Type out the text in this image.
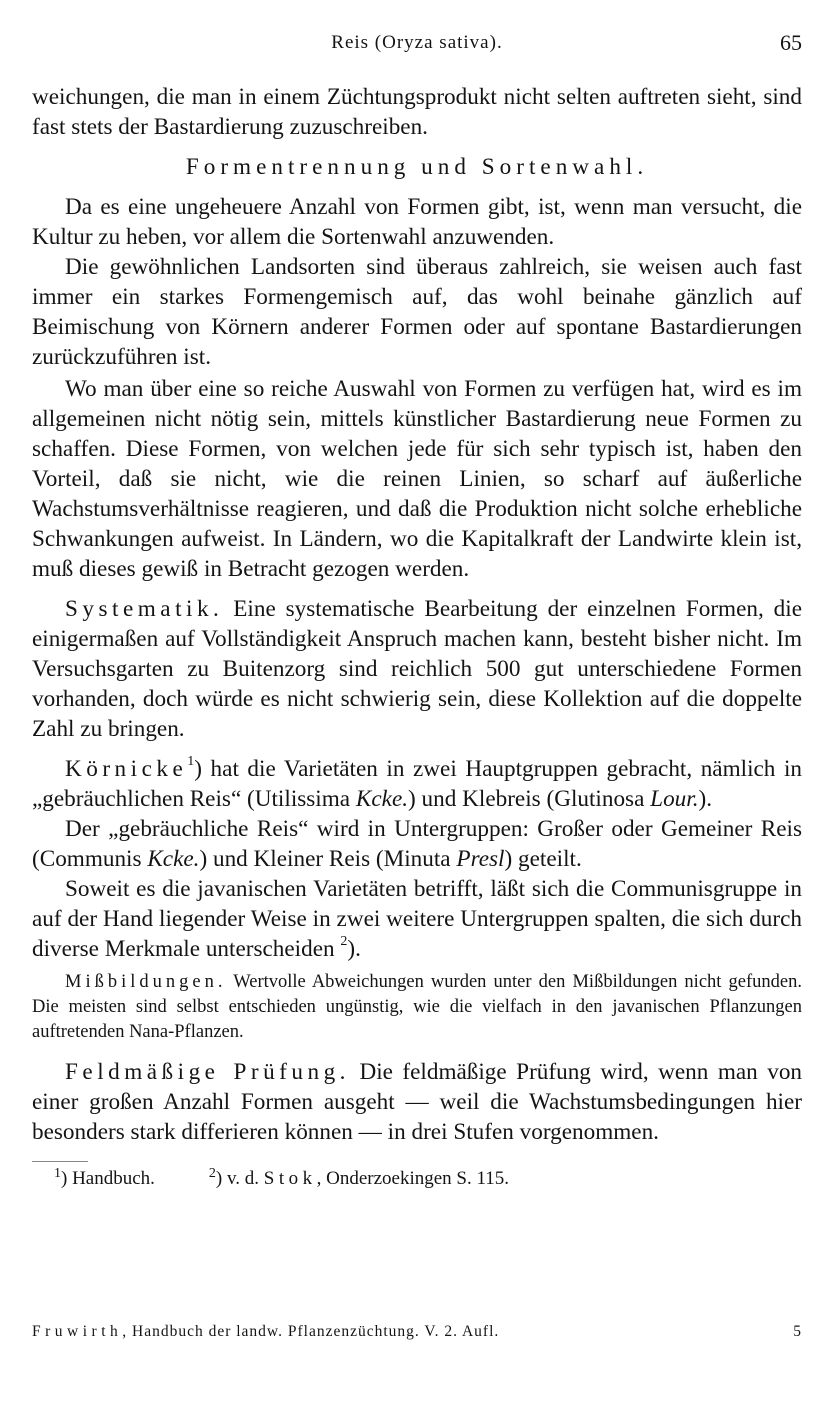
Reis (Oryza sativa).	65

weichungen, die man in einem Züchtungsprodukt nicht selten auftreten sieht, sind fast stets der Bastardierung zuzuschreiben.

Formentrennung und Sortenwahl.

Da es eine ungeheuere Anzahl von Formen gibt, ist, wenn man versucht, die Kultur zu heben, vor allem die Sortenwahl anzuwenden.

Die gewöhnlichen Landsorten sind überaus zahlreich, sie weisen auch fast immer ein starkes Formengemisch auf, das wohl beinahe gänzlich auf Beimischung von Körnern anderer Formen oder auf spontane Bastardierungen zurückzuführen ist.

Wo man über eine so reiche Auswahl von Formen zu verfügen hat, wird es im allgemeinen nicht nötig sein, mittels künstlicher Bastardierung neue Formen zu schaffen. Diese Formen, von welchen jede für sich sehr typisch ist, haben den Vorteil, daß sie nicht, wie die reinen Linien, so scharf auf äußerliche Wachstumsverhältnisse reagieren, und daß die Produktion nicht solche erhebliche Schwankungen aufweist. In Ländern, wo die Kapitalkraft der Landwirte klein ist, muß dieses gewiß in Betracht gezogen werden.

Systematik. Eine systematische Bearbeitung der einzelnen Formen, die einigermaßen auf Vollständigkeit Anspruch machen kann, besteht bisher nicht. Im Versuchsgarten zu Buitenzorg sind reichlich 500 gut unterschiedene Formen vorhanden, doch würde es nicht schwierig sein, diese Kollektion auf die doppelte Zahl zu bringen.

Körnicke$^1$) hat die Varietäten in zwei Hauptgruppen gebracht, nämlich in „gebräuchlichen Reis“ (Utilissima Kcke.) und Klebreis (Glutinosa Lour.).

Der „gebräuchliche Reis“ wird in Untergruppen: Großer oder Gemeiner Reis (Communis Kcke.) und Kleiner Reis (Minuta Presl) geteilt.

Soweit es die javanischen Varietäten betrifft, läßt sich die Communisgruppe in auf der Hand liegender Weise in zwei weitere Untergruppen spalten, die sich durch diverse Merkmale unterscheiden $^2$).

Mißbildungen. Wertvolle Abweichungen wurden unter den Mißbildungen nicht gefunden. Die meisten sind selbst entschieden ungünstig, wie die vielfach in den javanischen Pflanzungen auftretenden Nana-Pflanzen.

Feldmäßige Prüfung. Die feldmäßige Prüfung wird, wenn man von einer großen Anzahl Formen ausgeht — weil die Wachstumsbedingungen hier besonders stark differieren können — in drei Stufen vorgenommen.

$^1$) Handbuch.	$^2$) v. d. Stok, Onderzoekingen S. 115.

Fruwirth, Handbuch der landw. Pflanzenzüchtung. V. 2. Aufl.	5
